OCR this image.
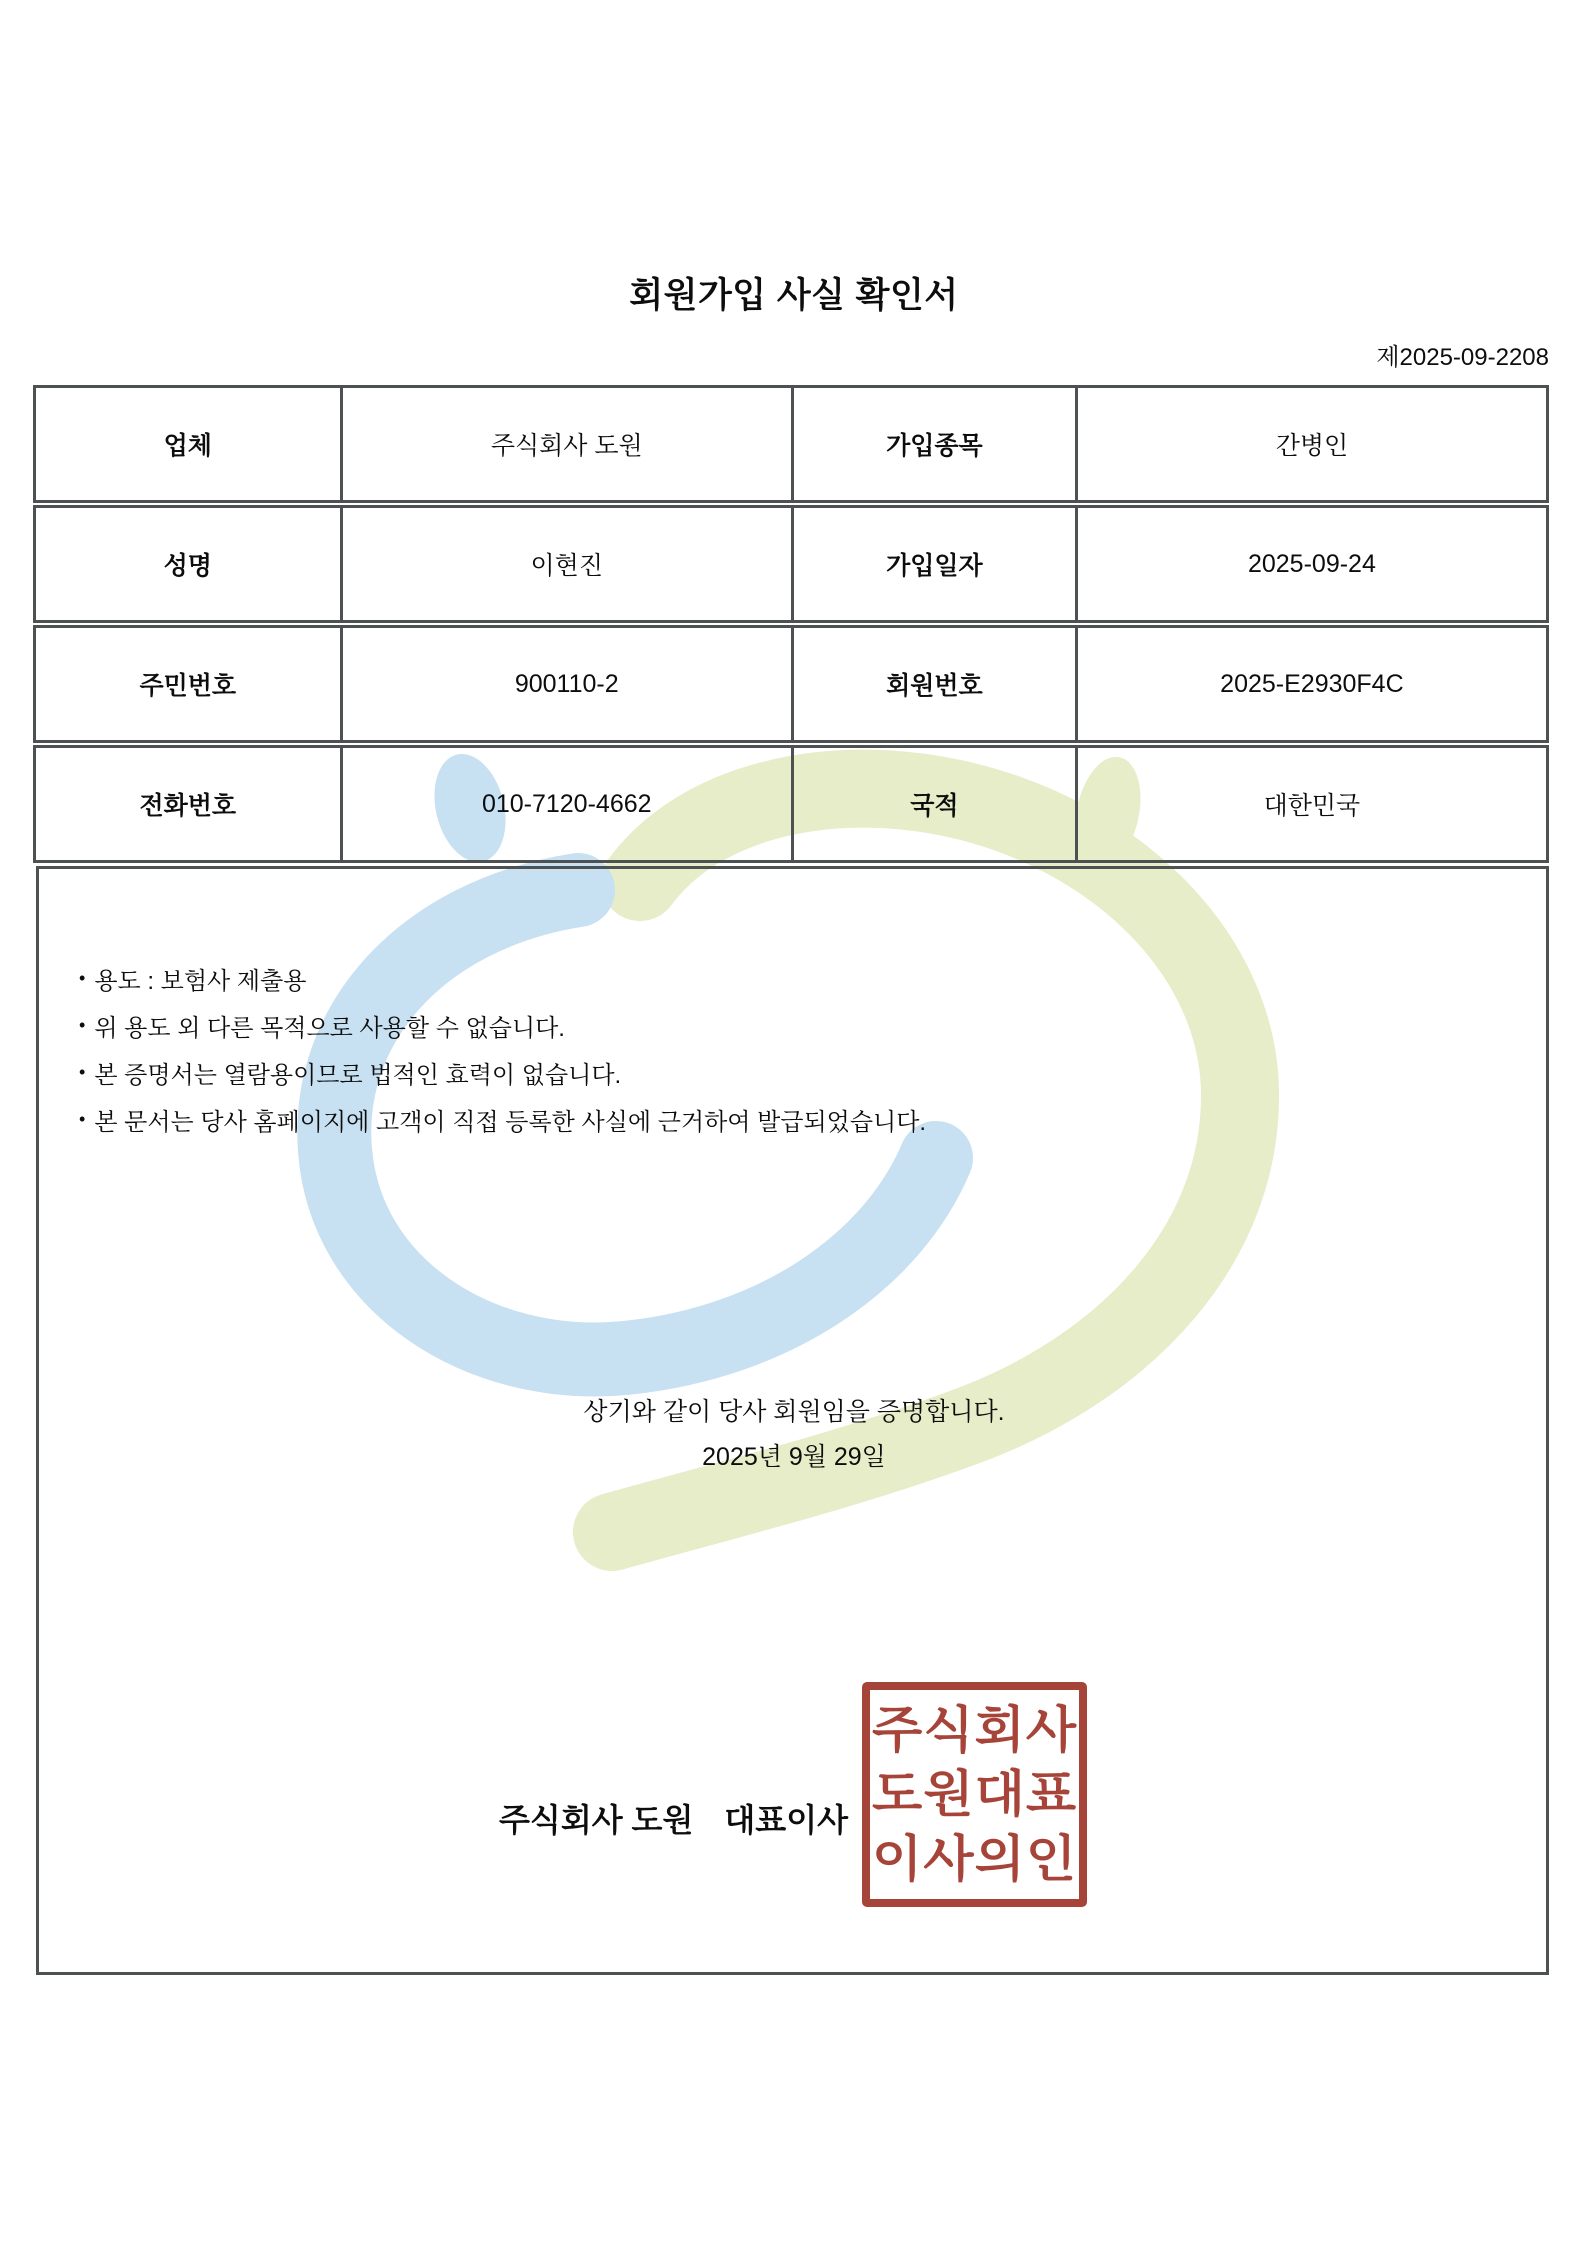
회원가입 사실 확인서
제2025-09-2208
업체	주식회사 도원	가입종목	간병인
성명	이현진	가입일자	2025-09-24
주민번호	900110-2	회원번호	2025-E2930F4C
전화번호	010-7120-4662	국적	대한민국
• 용도 : 보험사 제출용
• 위 용도 외 다른 목적으로 사용할 수 없습니다.
• 본 증명서는 열람용이므로 법적인 효력이 없습니다.
• 본 문서는 당사 홈페이지에 고객이 직접 등록한 사실에 근거하여 발급되었습니다.
상기와 같이 당사 회원임을 증명합니다.
2025년 9월 29일
주식회사 도원 대표이사
주식회사
도원대표
이사의인
